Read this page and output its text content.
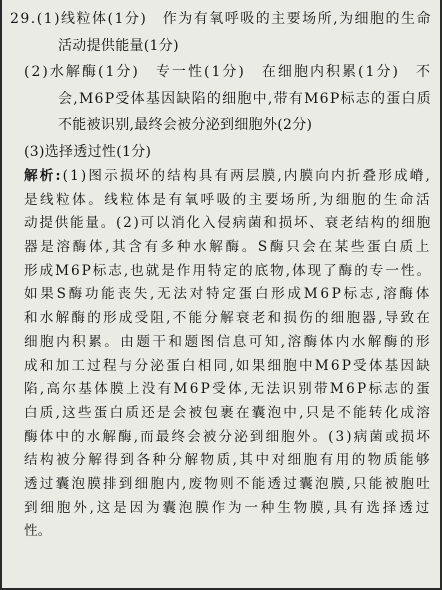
29.(1)线粒体(1分)　作为有氧呼吸的主要场所,为细胞的生命
活动提供能量(1分)
(2)水解酶(1分)　专一性(1分)　在细胞内积累(1分)　不
会,M6P受体基因缺陷的细胞中,带有M6P标志的蛋白质
不能被识别,最终会被分泌到细胞外(2分)
(3)选择透过性(1分)
解析:(1)图示损坏的结构具有两层膜,内膜向内折叠形成嵴,
是线粒体。线粒体是有氧呼吸的主要场所,为细胞的生命活
动提供能量。(2)可以消化入侵病菌和损坏、衰老结构的细胞
器是溶酶体,其含有多种水解酶。S酶只会在某些蛋白质上
形成M6P标志,也就是作用特定的底物,体现了酶的专一性。
如果S酶功能丧失,无法对特定蛋白形成M6P标志,溶酶体
和水解酶的形成受阻,不能分解衰老和损伤的细胞器,导致在
细胞内积累。由题干和题图信息可知,溶酶体内水解酶的形
成和加工过程与分泌蛋白相同,如果细胞中M6P受体基因缺
陷,高尔基体膜上没有M6P受体,无法识别带M6P标志的蛋
白质,这些蛋白质还是会被包裹在囊泡中,只是不能转化成溶
酶体中的水解酶,而最终会被分泌到细胞外。(3)病菌或损坏
结构被分解得到各种分解物质,其中对细胞有用的物质能够
透过囊泡膜排到细胞内,废物则不能透过囊泡膜,只能被胞吐
到细胞外,这是因为囊泡膜作为一种生物膜,具有选择透过
性。
